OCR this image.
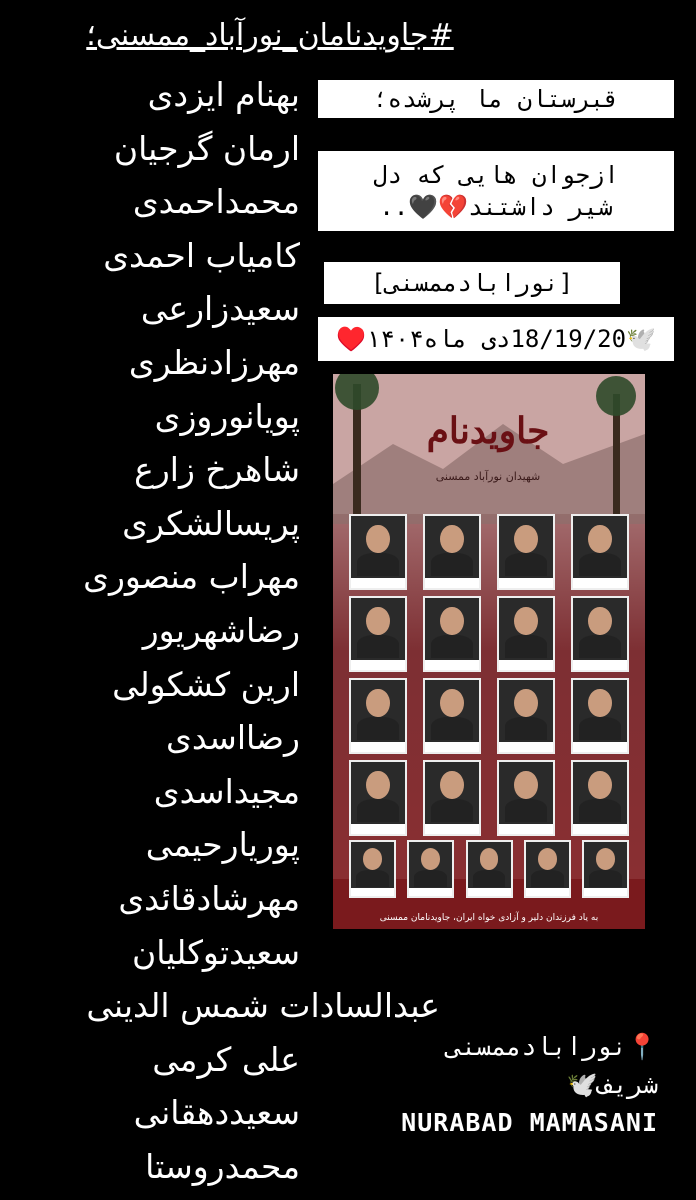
#جاویدنامان_نورآباد_ممسنی؛
بهنام ایزدی
ارمان گرجیان
محمداحمدی
کامیاب احمدی
سعیدزارعی
مهرزادنظری
پویانوروزی
شاهرخ زارع
پریسالشکری
مهراب منصوری
رضاشهریور
ارین کشکولی
رضااسدی
مجیداسدی
پوریارحیمی
مهرشادقائدی
سعیدتوکلیان
عبدالسادات شمس الدینی
علی کرمی
سعیددهقانی
محمدروستا
قبرستان ما پرشده؛
ازجوان هایی که دل
شیر داشتند💔🖤..
[نورابادممسنی]
🕊️18/19/20دی ماه۱۴۰۴♥️
جاویدنام
شهیدان نورآباد ممسنی
به یاد فرزندان دلیر و آزادی خواه ایران، جاویدنامان ممسنی
📍نورابادممسنی
شریف🕊️
NURABAD MAMASANI
